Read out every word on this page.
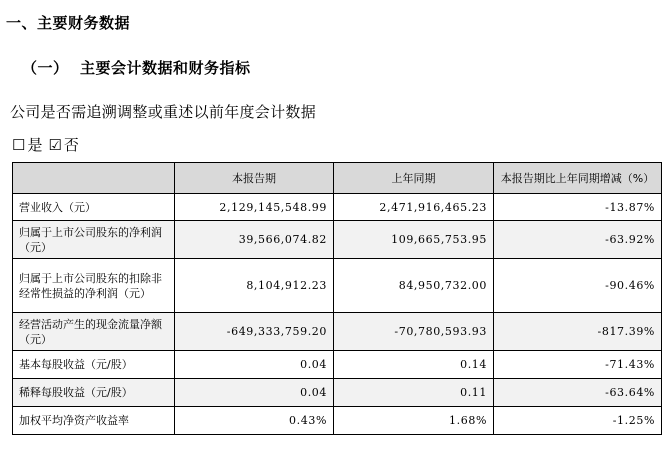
一、主要财务数据
（一）  主要会计数据和财务指标
公司是否需追溯调整或重述以前年度会计数据
☐ 是 ☑ 否
	本报告期	上年同期	本报告期比上年同期增减（%）
营业收入（元）	2,129,145,548.99	2,471,916,465.23	-13.87%
归属于上市公司股东的净利润（元）	39,566,074.82	109,665,753.95	-63.92%
归属于上市公司股东的扣除非经常性损益的净利润（元）	8,104,912.23	84,950,732.00	-90.46%
经营活动产生的现金流量净额（元）	-649,333,759.20	-70,780,593.93	-817.39%
基本每股收益（元/股）	0.04	0.14	-71.43%
稀释每股收益（元/股）	0.04	0.11	-63.64%
加权平均净资产收益率	0.43%	1.68%	-1.25%
